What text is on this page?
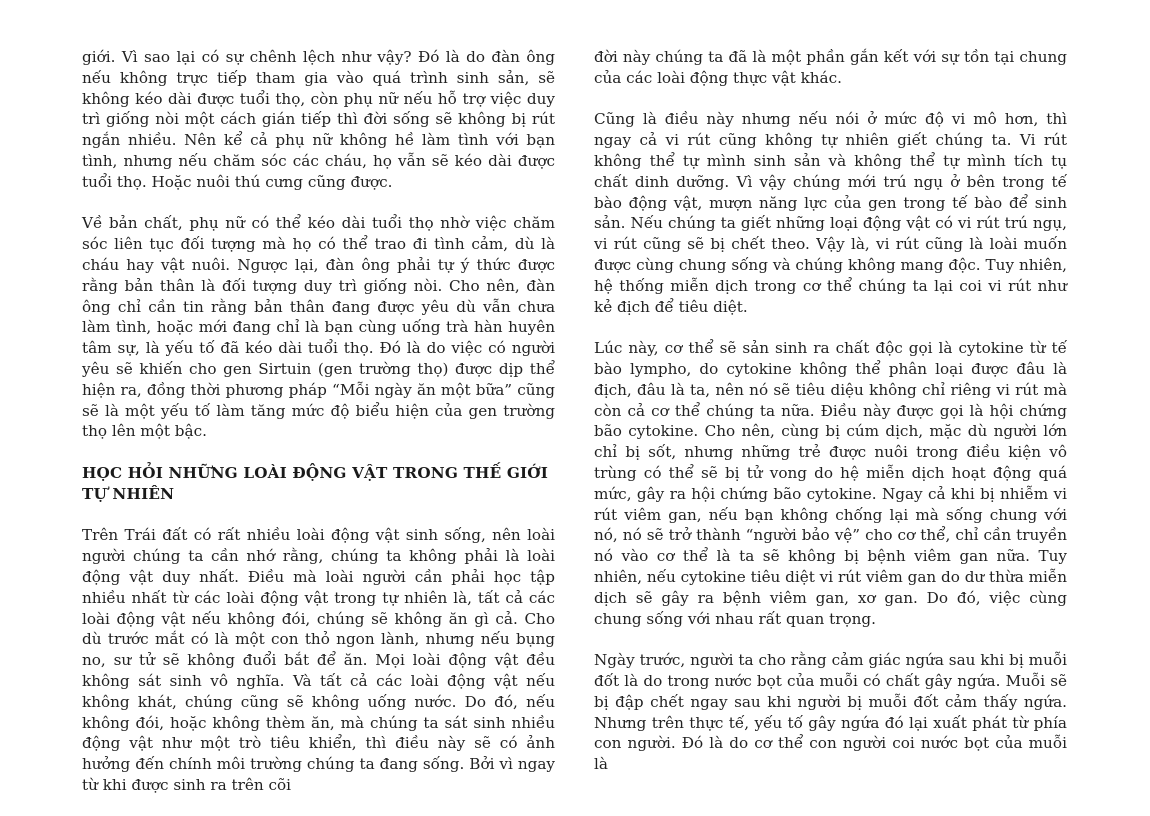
giới. Vì sao lại có sự chênh lệch như vậy? Đó là do đàn ông nếu không trực tiếp tham gia vào quá trình sinh sản, sẽ không kéo dài được tuổi thọ, còn phụ nữ nếu hỗ trợ việc duy trì giống nòi một cách gián tiếp thì đời sống sẽ không bị rút ngắn nhiều. Nên kể cả phụ nữ không hề làm tình với bạn tình, nhưng nếu chăm sóc các cháu, họ vẫn sẽ kéo dài được tuổi thọ. Hoặc nuôi thú cưng cũng được.

Về bản chất, phụ nữ có thể kéo dài tuổi thọ nhờ việc chăm sóc liên tục đối tượng mà họ có thể trao đi tình cảm, dù là cháu hay vật nuôi. Ngược lại, đàn ông phải tự ý thức được rằng bản thân là đối tượng duy trì giống nòi. Cho nên, đàn ông chỉ cần tin rằng bản thân đang được yêu dù vẫn chưa làm tình, hoặc mới đang chỉ là bạn cùng uống trà hàn huyên tâm sự, là yếu tố đã kéo dài tuổi thọ. Đó là do việc có người yêu sẽ khiến cho gen Sirtuin (gen trường thọ) được dịp thể hiện ra, đồng thời phương pháp “Mỗi ngày ăn một bữa” cũng sẽ là một yếu tố làm tăng mức độ biểu hiện của gen trường thọ lên một bậc.

HỌC HỎI NHỮNG LOÀI ĐỘNG VẬT TRONG THẾ GIỚI TỰ NHIÊN

Trên Trái đất có rất nhiều loài động vật sinh sống, nên loài người chúng ta cần nhớ rằng, chúng ta không phải là loài động vật duy nhất. Điều mà loài người cần phải học tập nhiều nhất từ các loài động vật trong tự nhiên là, tất cả các loài động vật nếu không đói, chúng sẽ không ăn gì cả. Cho dù trước mắt có là một con thỏ ngon lành, nhưng nếu bụng no, sư tử sẽ không đuổi bắt để ăn. Mọi loài động vật đều không sát sinh vô nghĩa. Và tất cả các loài động vật nếu không khát, chúng cũng sẽ không uống nước. Do đó, nếu không đói, hoặc không thèm ăn, mà chúng ta sát sinh nhiều động vật như một trò tiêu khiển, thì điều này sẽ có ảnh hưởng đến chính môi trường chúng ta đang sống. Bởi vì ngay từ khi được sinh ra trên cõi

đời này chúng ta đã là một phần gắn kết với sự tồn tại chung của các loài động thực vật khác.

Cũng là điều này nhưng nếu nói ở mức độ vi mô hơn, thì ngay cả vi rút cũng không tự nhiên giết chúng ta. Vi rút không thể tự mình sinh sản và không thể tự mình tích tụ chất dinh dưỡng. Vì vậy chúng mới trú ngụ ở bên trong tế bào động vật, mượn năng lực của gen trong tế bào để sinh sản. Nếu chúng ta giết những loại động vật có vi rút trú ngụ, vi rút cũng sẽ bị chết theo. Vậy là, vi rút cũng là loài muốn được cùng chung sống và chúng không mang độc. Tuy nhiên, hệ thống miễn dịch trong cơ thể chúng ta lại coi vi rút như kẻ địch để tiêu diệt.

Lúc này, cơ thể sẽ sản sinh ra chất độc gọi là cytokine từ tế bào lympho, do cytokine không thể phân loại được đâu là địch, đâu là ta, nên nó sẽ tiêu diệu không chỉ riêng vi rút mà còn cả cơ thể chúng ta nữa. Điều này được gọi là hội chứng bão cytokine. Cho nên, cùng bị cúm dịch, mặc dù người lớn chỉ bị sốt, nhưng những trẻ được nuôi trong điều kiện vô trùng có thể sẽ bị tử vong do hệ miễn dịch hoạt động quá mức, gây ra hội chứng bão cytokine. Ngay cả khi bị nhiễm vi rút viêm gan, nếu bạn không chống lại mà sống chung với nó, nó sẽ trở thành “người bảo vệ” cho cơ thể, chỉ cần truyền nó vào cơ thể là ta sẽ không bị bệnh viêm gan nữa. Tuy nhiên, nếu cytokine tiêu diệt vi rút viêm gan do dư thừa miễn dịch sẽ gây ra bệnh viêm gan, xơ gan. Do đó, việc cùng chung sống với nhau rất quan trọng.

Ngày trước, người ta cho rằng cảm giác ngứa sau khi bị muỗi đốt là do trong nước bọt của muỗi có chất gây ngứa. Muỗi sẽ bị đập chết ngay sau khi người bị muỗi đốt cảm thấy ngứa. Nhưng trên thực tế, yếu tố gây ngứa đó lại xuất phát từ phía con người. Đó là do cơ thể con người coi nước bọt của muỗi là
